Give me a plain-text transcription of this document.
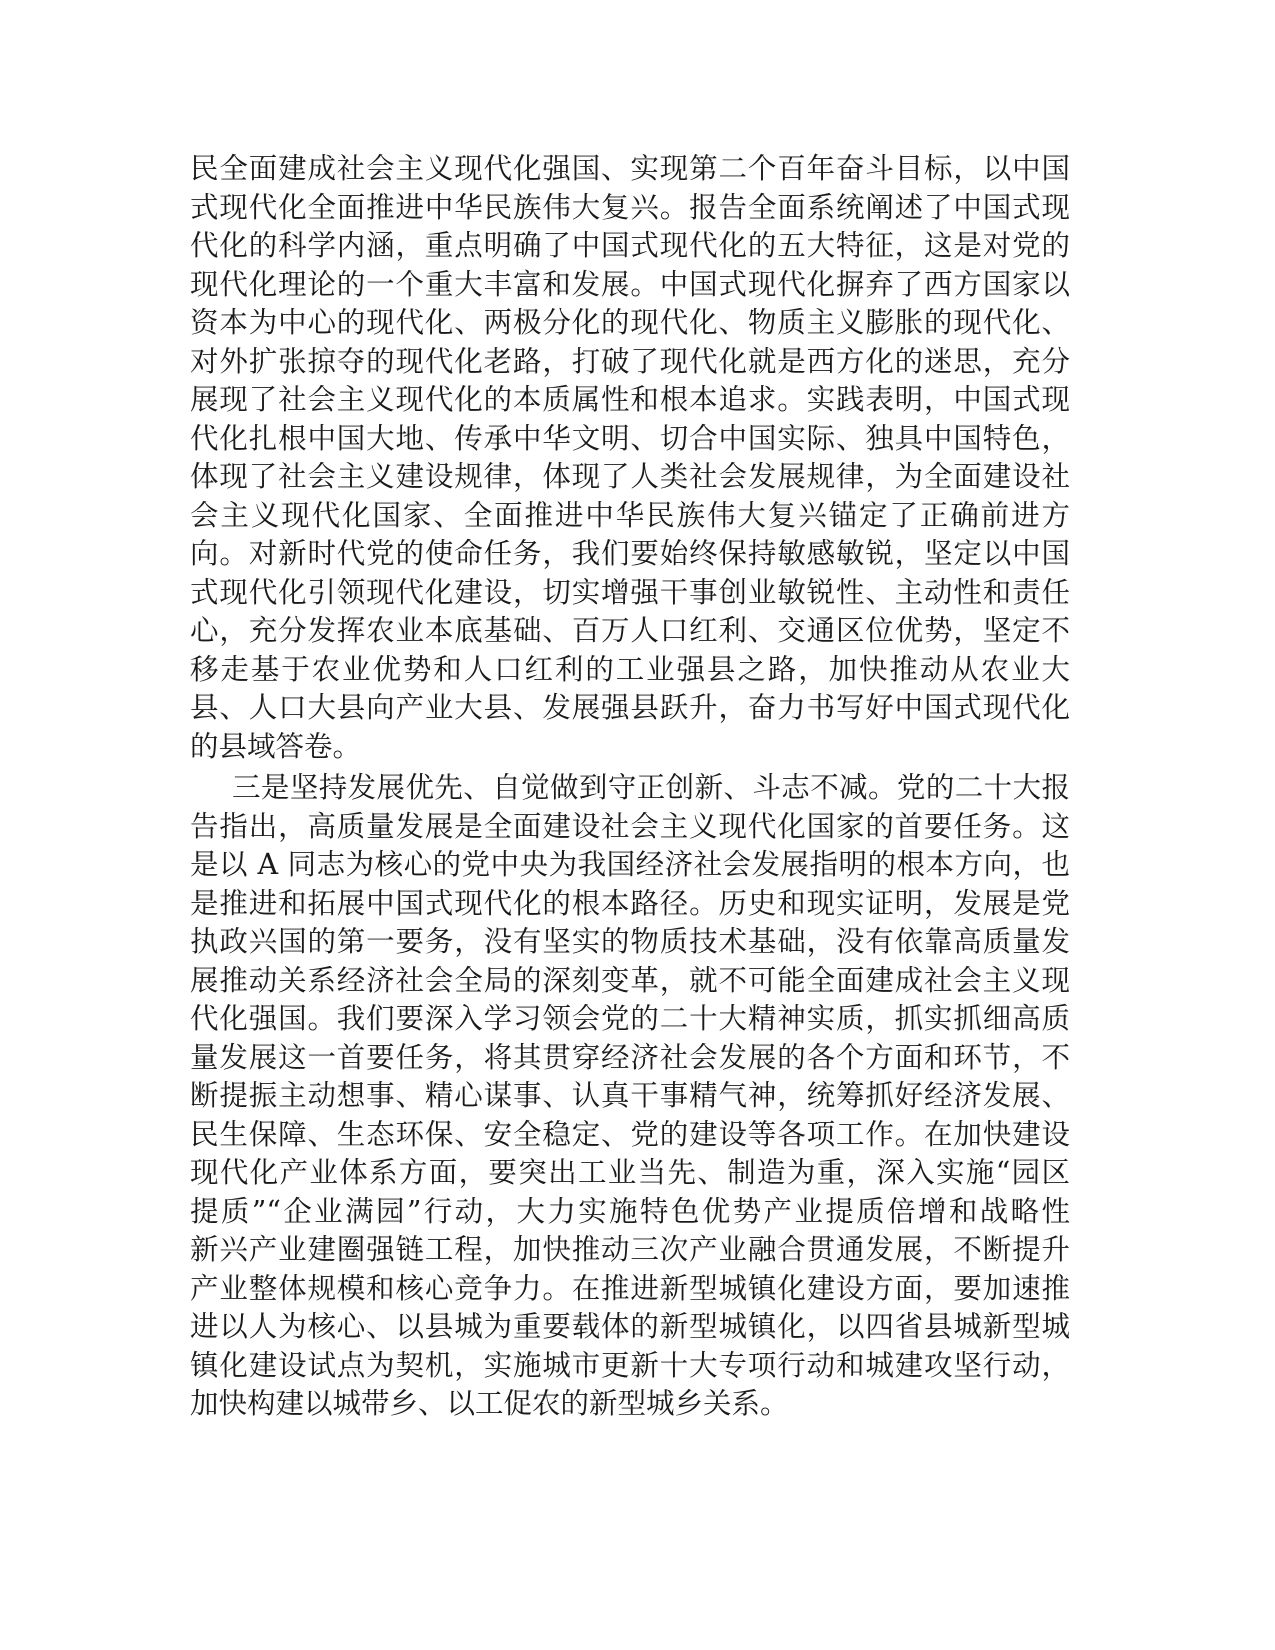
民全面建成社会主义现代化强国、实现第二个百年奋斗目标，以中国
式现代化全面推进中华民族伟大复兴。报告全面系统阐述了中国式现
代化的科学内涵，重点明确了中国式现代化的五大特征，这是对党的
现代化理论的一个重大丰富和发展。中国式现代化摒弃了西方国家以
资本为中心的现代化、两极分化的现代化、物质主义膨胀的现代化、
对外扩张掠夺的现代化老路，打破了现代化就是西方化的迷思，充分
展现了社会主义现代化的本质属性和根本追求。实践表明，中国式现
代化扎根中国大地、传承中华文明、切合中国实际、独具中国特色，
体现了社会主义建设规律，体现了人类社会发展规律，为全面建设社
会主义现代化国家、全面推进中华民族伟大复兴锚定了正确前进方
向。对新时代党的使命任务，我们要始终保持敏感敏锐，坚定以中国
式现代化引领现代化建设，切实增强干事创业敏锐性、主动性和责任
心，充分发挥农业本底基础、百万人口红利、交通区位优势，坚定不
移走基于农业优势和人口红利的工业强县之路，加快推动从农业大
县、人口大县向产业大县、发展强县跃升，奋力书写好中国式现代化
的县域答卷。
三是坚持发展优先、自觉做到守正创新、斗志不减。党的二十大报
告指出，高质量发展是全面建设社会主义现代化国家的首要任务。这
是以 A 同志为核心的党中央为我国经济社会发展指明的根本方向，也
是推进和拓展中国式现代化的根本路径。历史和现实证明，发展是党
执政兴国的第一要务，没有坚实的物质技术基础，没有依靠高质量发
展推动关系经济社会全局的深刻变革，就不可能全面建成社会主义现
代化强国。我们要深入学习领会党的二十大精神实质，抓实抓细高质
量发展这一首要任务，将其贯穿经济社会发展的各个方面和环节，不
断提振主动想事、精心谋事、认真干事精气神，统筹抓好经济发展、
民生保障、生态环保、安全稳定、党的建设等各项工作。在加快建设
现代化产业体系方面，要突出工业当先、制造为重，深入实施“园区
提质”“企业满园”行动，大力实施特色优势产业提质倍增和战略性
新兴产业建圈强链工程，加快推动三次产业融合贯通发展，不断提升
产业整体规模和核心竞争力。在推进新型城镇化建设方面，要加速推
进以人为核心、以县城为重要载体的新型城镇化，以四省县城新型城
镇化建设试点为契机，实施城市更新十大专项行动和城建攻坚行动，
加快构建以城带乡、以工促农的新型城乡关系。
